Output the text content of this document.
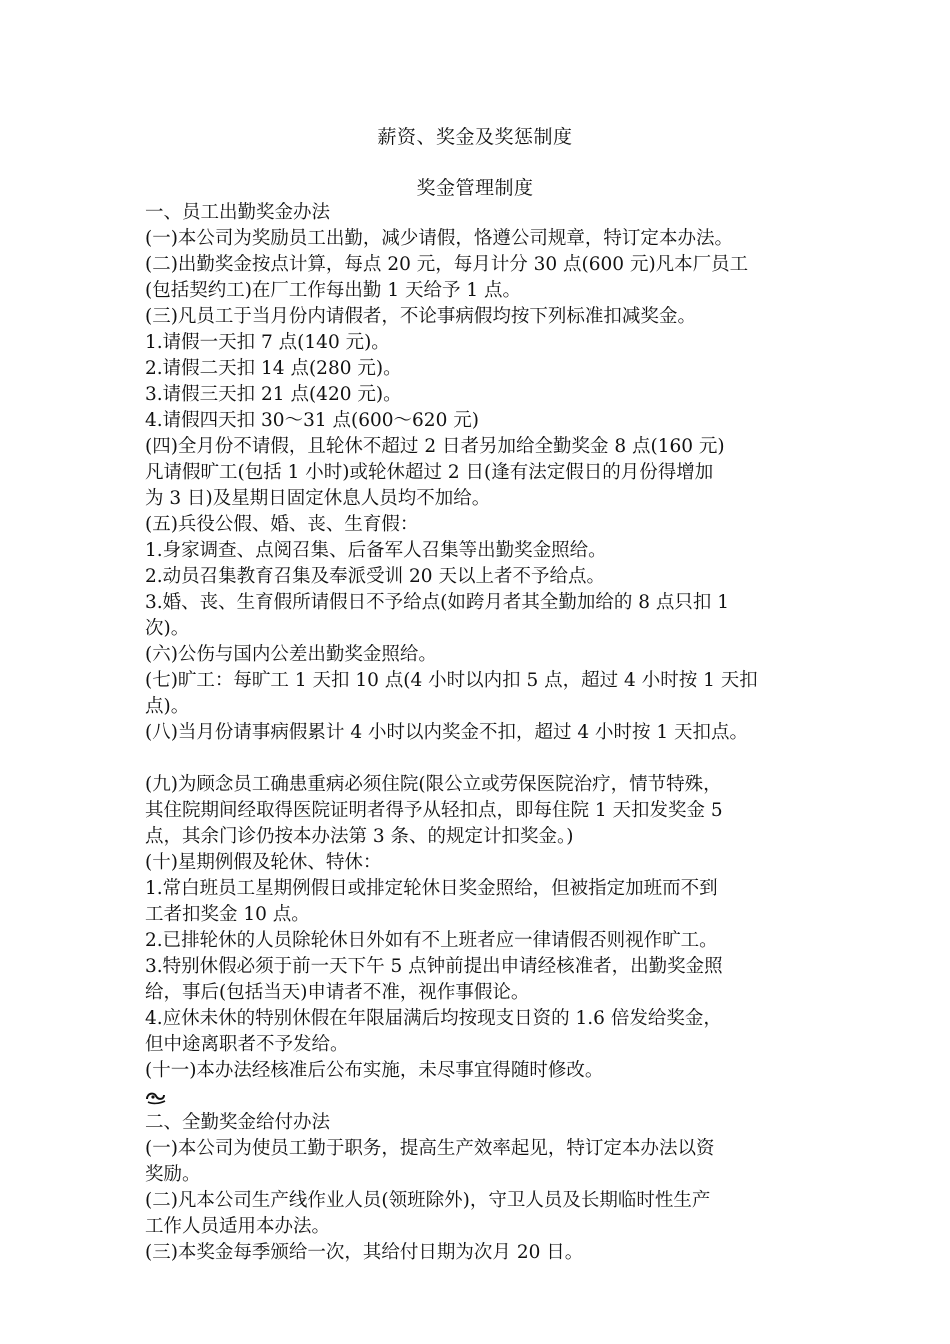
薪资、奖金及奖惩制度
奖金管理制度
一、员工出勤奖金办法
(一)本公司为奖励员工出勤，减少请假，恪遵公司规章，特订定本办法。
(二)出勤奖金按点计算，每点 20 元，每月计分 30 点(600 元)凡本厂员工
(包括契约工)在厂工作每出勤 1 天给予 1 点。
(三)凡员工于当月份内请假者，不论事病假均按下列标准扣减奖金。
1.请假一天扣 7 点(140 元)。
2.请假二天扣 14 点(280 元)。
3.请假三天扣 21 点(420 元)。
4.请假四天扣 30～31 点(600～620 元)
(四)全月份不请假，且轮休不超过 2 日者另加给全勤奖金 8 点(160 元)
凡请假旷工(包括 1 小时)或轮休超过 2 日(逢有法定假日的月份得增加
为 3 日)及星期日固定休息人员均不加给。
(五)兵役公假、婚、丧、生育假：
1.身家调查、点阅召集、后备军人召集等出勤奖金照给。
2.动员召集教育召集及奉派受训 20 天以上者不予给点。
3.婚、丧、生育假所请假日不予给点(如跨月者其全勤加给的 8 点只扣 1
次)。
(六)公伤与国内公差出勤奖金照给。
(七)旷工：每旷工 1 天扣 10 点(4 小时以内扣 5 点，超过 4 小时按 1 天扣
点)。
(八)当月份请事病假累计 4 小时以内奖金不扣，超过 4 小时按 1 天扣点。
(九)为顾念员工确患重病必须住院(限公立或劳保医院治疗，情节特殊，
其住院期间经取得医院证明者得予从轻扣点，即每住院 1 天扣发奖金 5
点，其余门诊仍按本办法第 3 条、的规定计扣奖金。)
(十)星期例假及轮休、特休：
1.常白班员工星期例假日或排定轮休日奖金照给，但被指定加班而不到
工者扣奖金 10 点。
2.已排轮休的人员除轮休日外如有不上班者应一律请假否则视作旷工。
3.特别休假必须于前一天下午 5 点钟前提出申请经核准者，出勤奖金照
给，事后(包括当天)申请者不准，视作事假论。
4.应休未休的特别休假在年限届满后均按现支日资的 1.6 倍发给奖金，
但中途离职者不予发给。
(十一)本办法经核准后公布实施，未尽事宜得随时修改。
二、全勤奖金给付办法
(一)本公司为使员工勤于职务，提高生产效率起见，特订定本办法以资
奖励。
(二)凡本公司生产线作业人员(领班除外)，守卫人员及长期临时性生产
工作人员适用本办法。
(三)本奖金每季颁给一次，其给付日期为次月 20 日。
